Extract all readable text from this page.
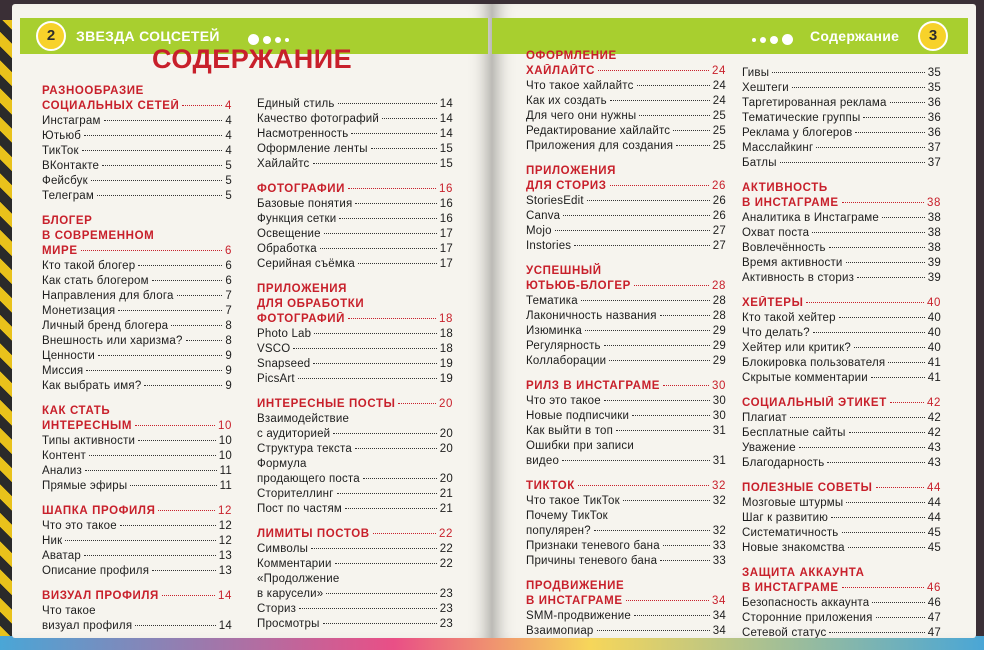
2	ЗВЕЗДА СОЦСЕТЕЙ
СОДЕРЖАНИЕ
РАЗНООБРАЗИЕ
СОЦИАЛЬНЫХ СЕТЕЙ	4
Инстаграм	4
Ютьюб	4
ТикТок	4
ВКонтакте	5
Фейсбук	5
Телеграм	5
БЛОГЕР
В СОВРЕМЕННОМ
МИРЕ	6
Кто такой блогер	6
Как стать блогером	6
Направления для блога	7
Монетизация	7
Личный бренд блогера	8
Внешность или харизма?	8
Ценности	9
Миссия	9
Как выбрать имя?	9
КАК СТАТЬ
ИНТЕРЕСНЫМ	10
Типы активности	10
Контент	10
Анализ	11
Прямые эфиры	11
ШАПКА ПРОФИЛЯ	12
Что это такое	12
Ник	12
Аватар	13
Описание профиля	13
ВИЗУАЛ ПРОФИЛЯ	14
Что такое
визуал профиля	14
Единый стиль	14
Качество фотографий	14
Насмотренность	14
Оформление ленты	15
Хайлайтс	15
ФОТОГРАФИИ	16
Базовые понятия	16
Функция сетки	16
Освещение	17
Обработка	17
Серийная съёмка	17
ПРИЛОЖЕНИЯ
ДЛЯ ОБРАБОТКИ
ФОТОГРАФИЙ	18
Photo Lab	18
VSCO	18
Snapseed	19
PicsArt	19
ИНТЕРЕСНЫЕ ПОСТЫ	20
Взаимодействие
с аудиторией	20
Структура текста	20
Формула
продающего поста	20
Сторителлинг	21
Пост по частям	21
ЛИМИТЫ ПОСТОВ	22
Символы	22
Комментарии	22
«Продолжение
в карусели»	23
Сториз	23
Просмотры	23
Содержание	3
ОФОРМЛЕНИЕ
ХАЙЛАЙТС	24
Что такое хайлайтс	24
Как их создать	24
Для чего они нужны	25
Редактирование хайлайтс	25
Приложения для создания	25
ПРИЛОЖЕНИЯ
ДЛЯ СТОРИЗ	26
StoriesEdit	26
Canva	26
Mojo	27
Instories	27
УСПЕШНЫЙ
ЮТЬЮБ-БЛОГЕР	28
Тематика	28
Лаконичность названия	28
Изюминка	29
Регулярность	29
Коллаборации	29
РИЛЗ В ИНСТАГРАМЕ	30
Что это такое	30
Новые подписчики	30
Как выйти в топ	31
Ошибки при записи
видео	31
ТИКТОК	32
Что такое ТикТок	32
Почему ТикТок
популярен?	32
Признаки теневого бана	33
Причины теневого бана	33
ПРОДВИЖЕНИЕ
В ИНСТАГРАМЕ	34
SMM-продвижение	34
Взаимопиар	34
Гивы	35
Хештеги	35
Таргетированная реклама	36
Тематические группы	36
Реклама у блогеров	36
Масслайкинг	37
Батлы	37
АКТИВНОСТЬ
В ИНСТАГРАМЕ	38
Аналитика в Инстаграме	38
Охват поста	38
Вовлечённость	38
Время активности	39
Активность в сториз	39
ХЕЙТЕРЫ	40
Кто такой хейтер	40
Что делать?	40
Хейтер или критик?	40
Блокировка пользователя	41
Скрытые комментарии	41
СОЦИАЛЬНЫЙ ЭТИКЕТ	42
Плагиат	42
Бесплатные сайты	42
Уважение	43
Благодарность	43
ПОЛЕЗНЫЕ СОВЕТЫ	44
Мозговые штурмы	44
Шаг к развитию	44
Систематичность	45
Новые знакомства	45
ЗАЩИТА АККАУНТА
В ИНСТАГРАМЕ	46
Безопасность аккаунта	46
Сторонние приложения	47
Сетевой статус	47
